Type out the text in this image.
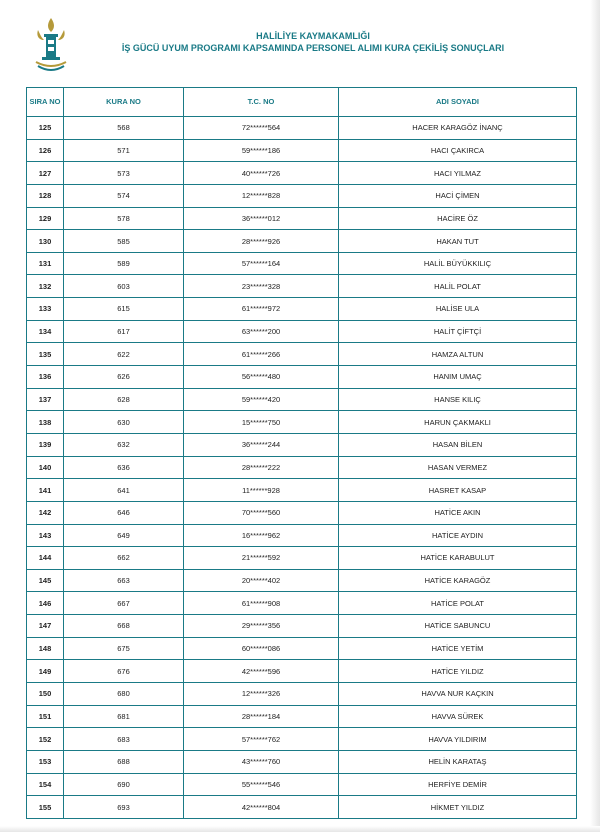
HALİLİYE KAYMAKAMLIĞI
İŞ GÜCÜ UYUM PROGRAMI KAPSAMINDA PERSONEL ALIMI KURA ÇEKİLİŞ SONUÇLARI
SIRA NO	KURA NO	T.C. NO	ADI SOYADI
125	568	72******564	HACER KARAGÖZ İNANÇ
126	571	59******186	HACI ÇAKIRCA
127	573	40******726	HACI YILMAZ
128	574	12******828	HACİ ÇİMEN
129	578	36******012	HACİRE ÖZ
130	585	28******926	HAKAN TUT
131	589	57******164	HALİL BÜYÜKKILIÇ
132	603	23******328	HALİL POLAT
133	615	61******972	HALİSE ULA
134	617	63******200	HALİT ÇİFTÇİ
135	622	61******266	HAMZA ALTUN
136	626	56******480	HANIM UMAÇ
137	628	59******420	HANSE KILIÇ
138	630	15******750	HARUN ÇAKMAKLI
139	632	36******244	HASAN BİLEN
140	636	28******222	HASAN VERMEZ
141	641	11******928	HASRET KASAP
142	646	70******560	HATİCE AKIN
143	649	16******962	HATİCE AYDIN
144	662	21******592	HATİCE KARABULUT
145	663	20******402	HATİCE KARAGÖZ
146	667	61******908	HATİCE POLAT
147	668	29******356	HATİCE SABUNCU
148	675	60******086	HATİCE YETİM
149	676	42******596	HATİCE YILDIZ
150	680	12******326	HAVVA NUR KAÇKIN
151	681	28******184	HAVVA SÜREK
152	683	57******762	HAVVA YILDIRIM
153	688	43******760	HELİN KARATAŞ
154	690	55******546	HERFİYE DEMİR
155	693	42******804	HİKMET YILDIZ
